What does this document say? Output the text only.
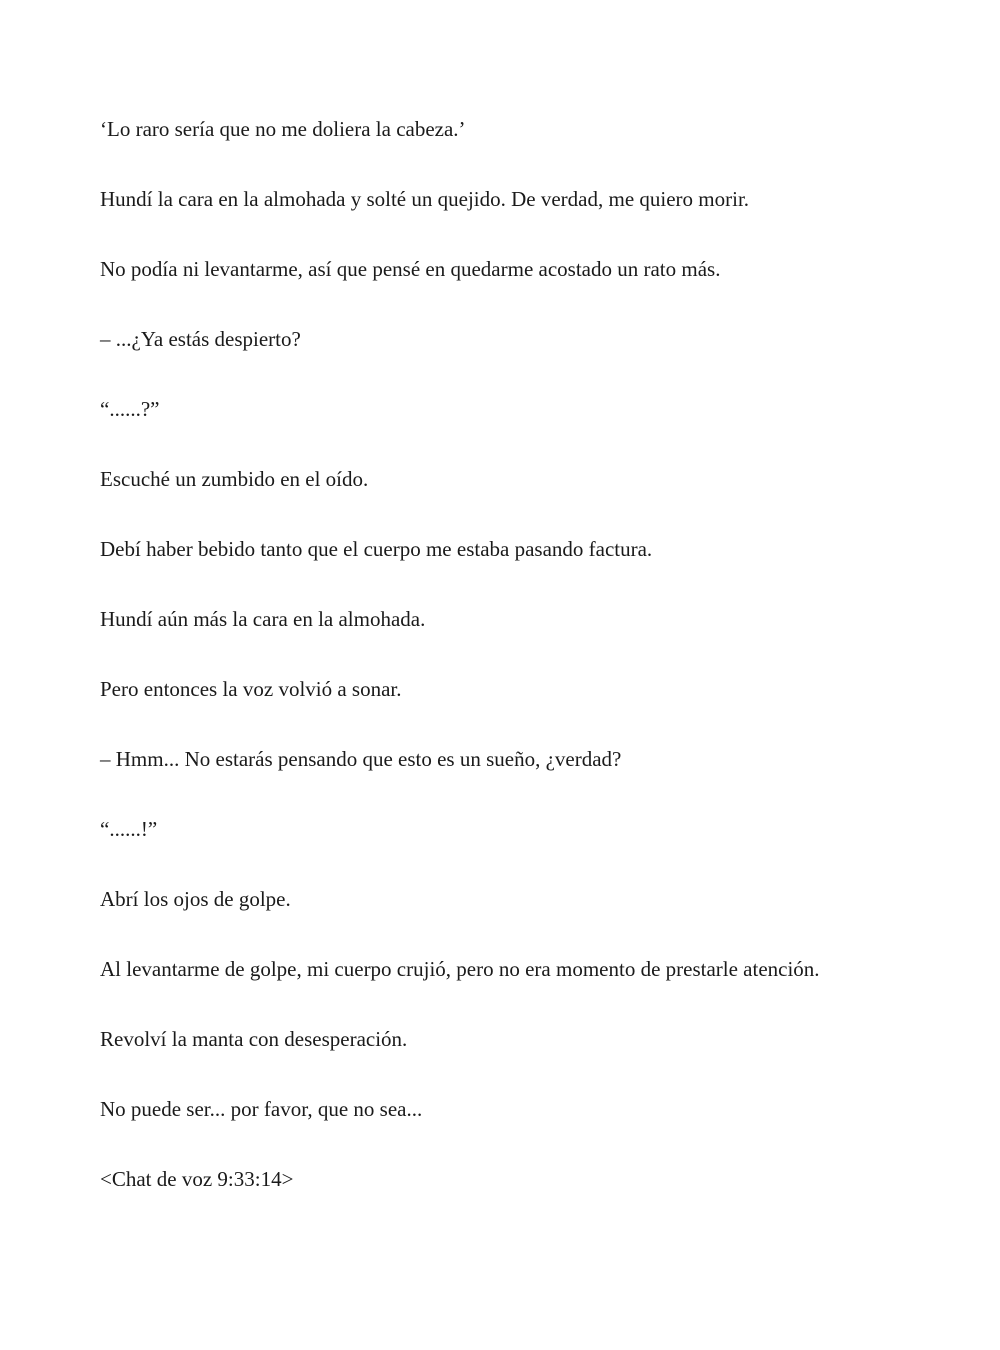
‘Lo raro sería que no me doliera la cabeza.’

Hundí la cara en la almohada y solté un quejido. De verdad, me quiero morir.

No podía ni levantarme, así que pensé en quedarme acostado un rato más.

– ...¿Ya estás despierto?

“......?”

Escuché un zumbido en el oído.

Debí haber bebido tanto que el cuerpo me estaba pasando factura.

Hundí aún más la cara en la almohada.

Pero entonces la voz volvió a sonar.

– Hmm... No estarás pensando que esto es un sueño, ¿verdad?

“......!”

Abrí los ojos de golpe.

Al levantarme de golpe, mi cuerpo crujió, pero no era momento de prestarle atención.

Revolví la manta con desesperación.

No puede ser... por favor, que no sea...

<Chat de voz 9:33:14>
